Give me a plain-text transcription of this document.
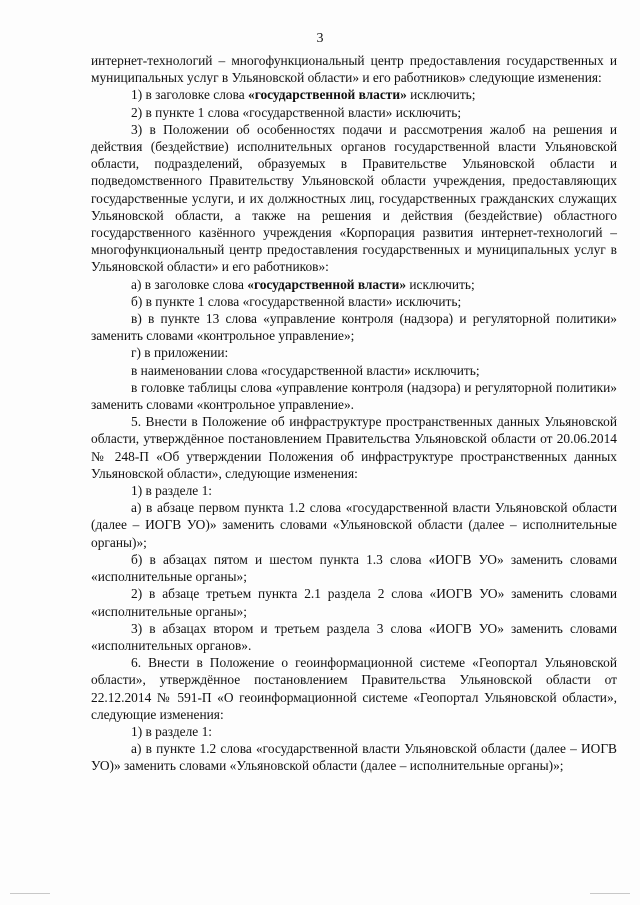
3

интернет-технологий – многофункциональный центр предоставления государственных и муниципальных услуг в Ульяновской области» и его работников» следующие изменения:

1) в заголовке слова «государственной власти» исключить;

2) в пункте 1 слова «государственной власти» исключить;

3) в Положении об особенностях подачи и рассмотрения жалоб на решения и действия (бездействие) исполнительных органов государственной власти Ульяновской области, подразделений, образуемых в Правительстве Ульяновской области и подведомственного Правительству Ульяновской области учреждения, предоставляющих государственные услуги, и их должностных лиц, государственных гражданских служащих Ульяновской области, а также на решения и действия (бездействие) областного государственного казённого учреждения «Корпорация развития интернет-технологий – многофункциональный центр предоставления государственных и муниципальных услуг в Ульяновской области» и его работников»:

а) в заголовке слова «государственной власти» исключить;

б) в пункте 1 слова «государственной власти» исключить;

в) в пункте 13 слова «управление контроля (надзора) и регуляторной политики» заменить словами «контрольное управление»;

г) в приложении:

в наименовании слова «государственной власти» исключить;

в головке таблицы слова «управление контроля (надзора) и регуляторной политики» заменить словами «контрольное управление».

5. Внести в Положение об инфраструктуре пространственных данных Ульяновской области, утверждённое постановлением Правительства Ульяновской области от 20.06.2014 № 248-П «Об утверждении Положения об инфраструктуре пространственных данных Ульяновской области», следующие изменения:

1) в разделе 1:

а) в абзаце первом пункта 1.2 слова «государственной власти Ульяновской области (далее – ИОГВ УО)» заменить словами «Ульяновской области (далее – исполнительные органы)»;

б) в абзацах пятом и шестом пункта 1.3 слова «ИОГВ УО» заменить словами «исполнительные органы»;

2) в абзаце третьем пункта 2.1 раздела 2 слова «ИОГВ УО» заменить словами «исполнительные органы»;

3) в абзацах втором и третьем раздела 3 слова «ИОГВ УО» заменить словами «исполнительных органов».

6. Внести в Положение о геоинформационной системе «Геопортал Ульяновской области», утверждённое постановлением Правительства Ульяновской области от 22.12.2014 № 591-П «О геоинформационной системе «Геопортал Ульяновской области», следующие изменения:

1) в разделе 1:

а) в пункте 1.2 слова «государственной власти Ульяновской области (далее – ИОГВ УО)» заменить словами «Ульяновской области (далее – исполнительные органы)»;
